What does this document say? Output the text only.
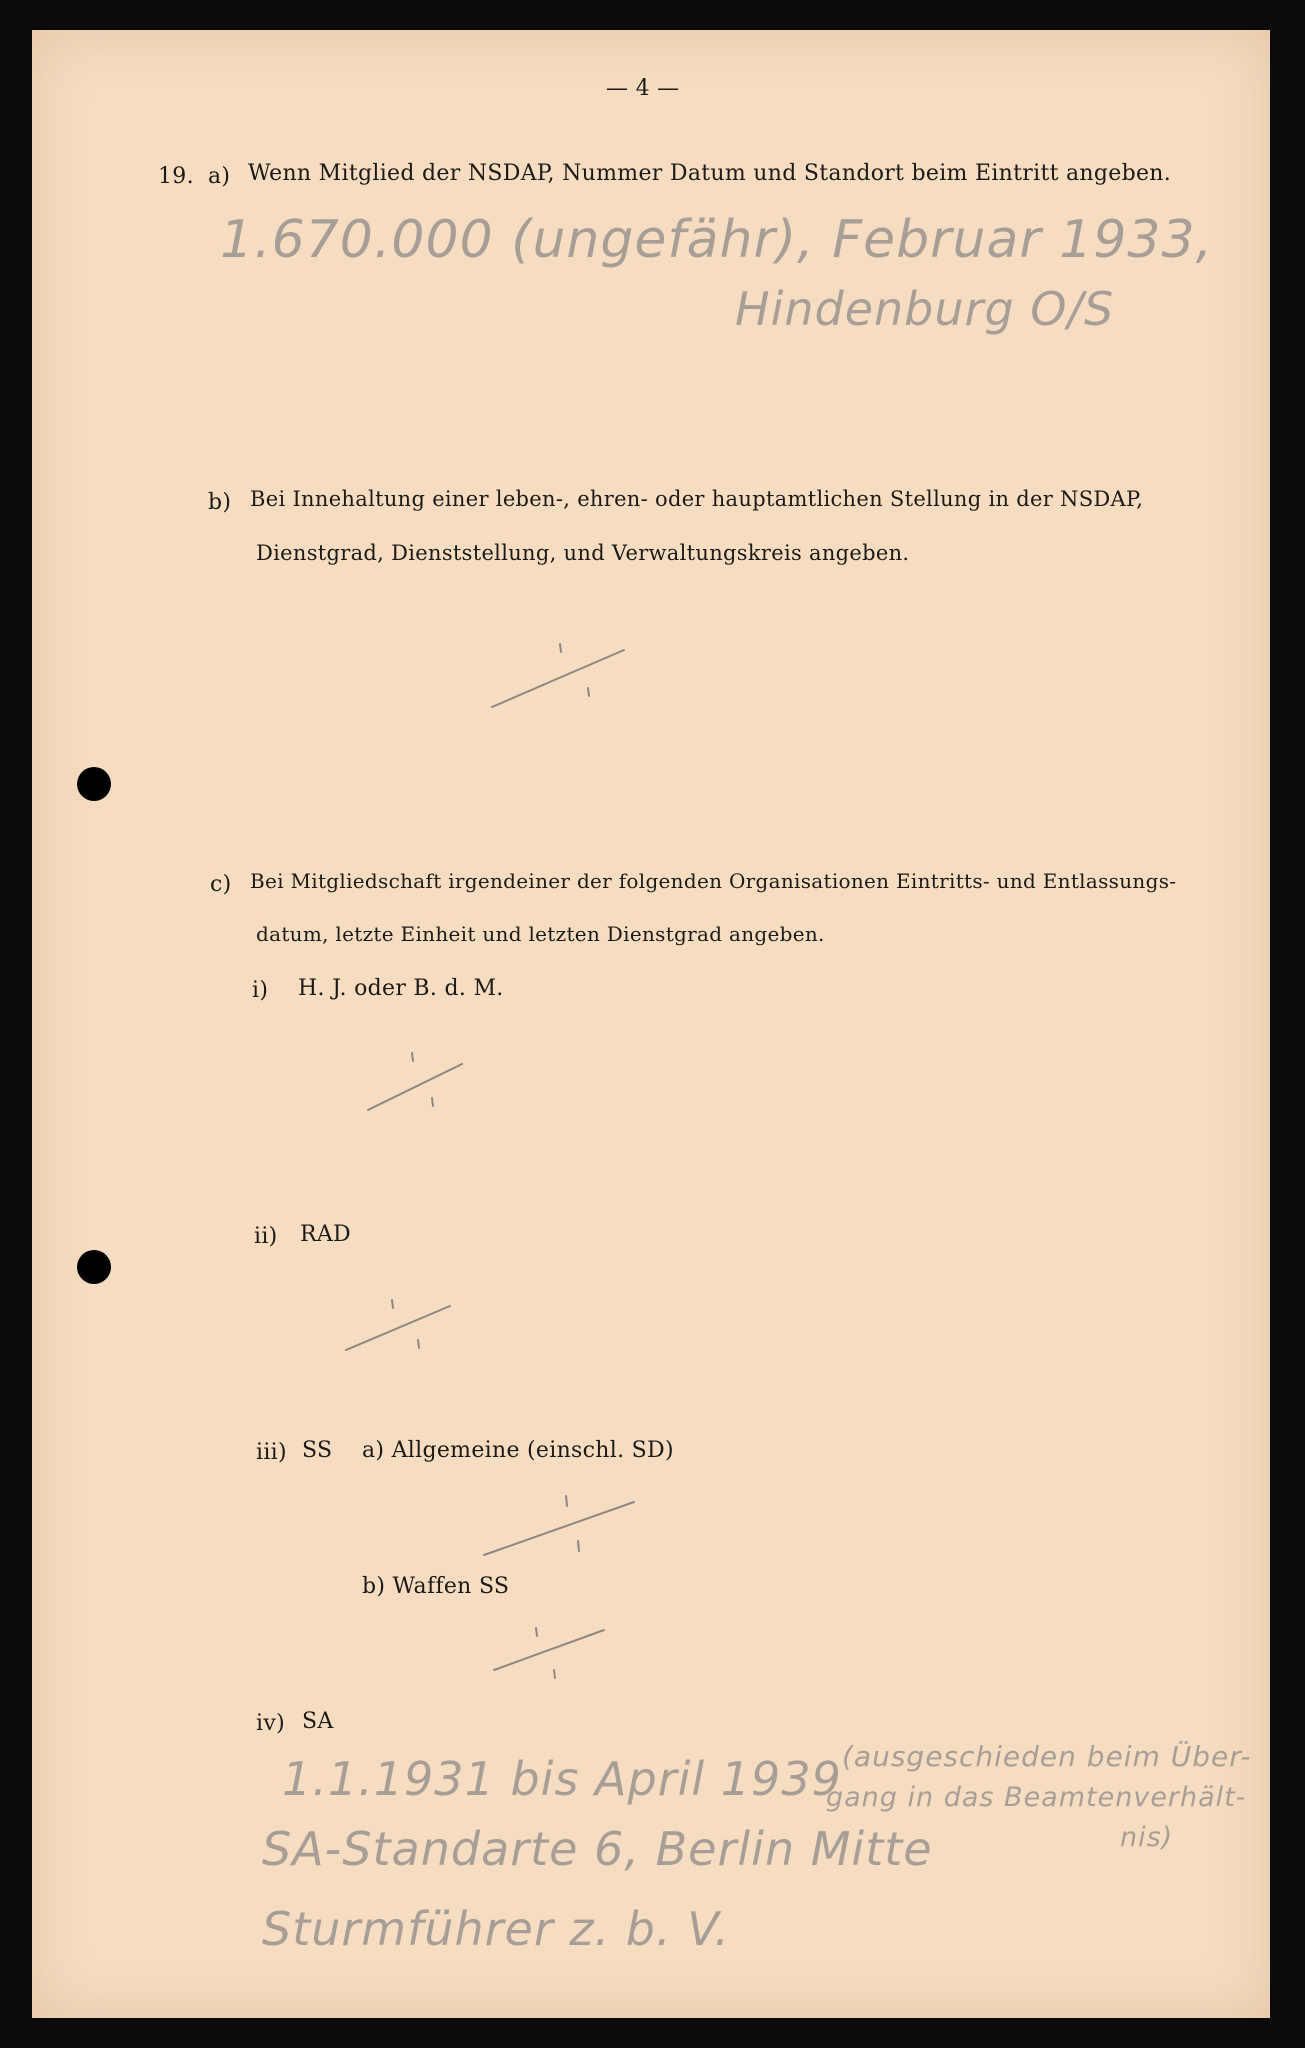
— 4 —
19. a) Wenn Mitglied der NSDAP, Nummer Datum und Standort beim Eintritt angeben.
1.670.000 (ungefähr), Februar 1933,
Hindenburg O/S
b) Bei Innehaltung einer leben-, ehren- oder hauptamtlichen Stellung in der NSDAP,
Dienstgrad, Dienststellung, und Verwaltungskreis angeben.
c) Bei Mitgliedschaft irgendeiner der folgenden Organisationen Eintritts- und Entlassungs-
datum, letzte Einheit und letzten Dienstgrad angeben.
i) H. J. oder B. d. M.
ii) RAD
iii) SS a) Allgemeine (einschl. SD)
b) Waffen SS
iv) SA
1.1.1931 bis April 1939 (ausgeschieden beim Über-
gang in das Beamtenverhält-
nis)
SA-Standarte 6, Berlin Mitte
Sturmführer z. b. V.
